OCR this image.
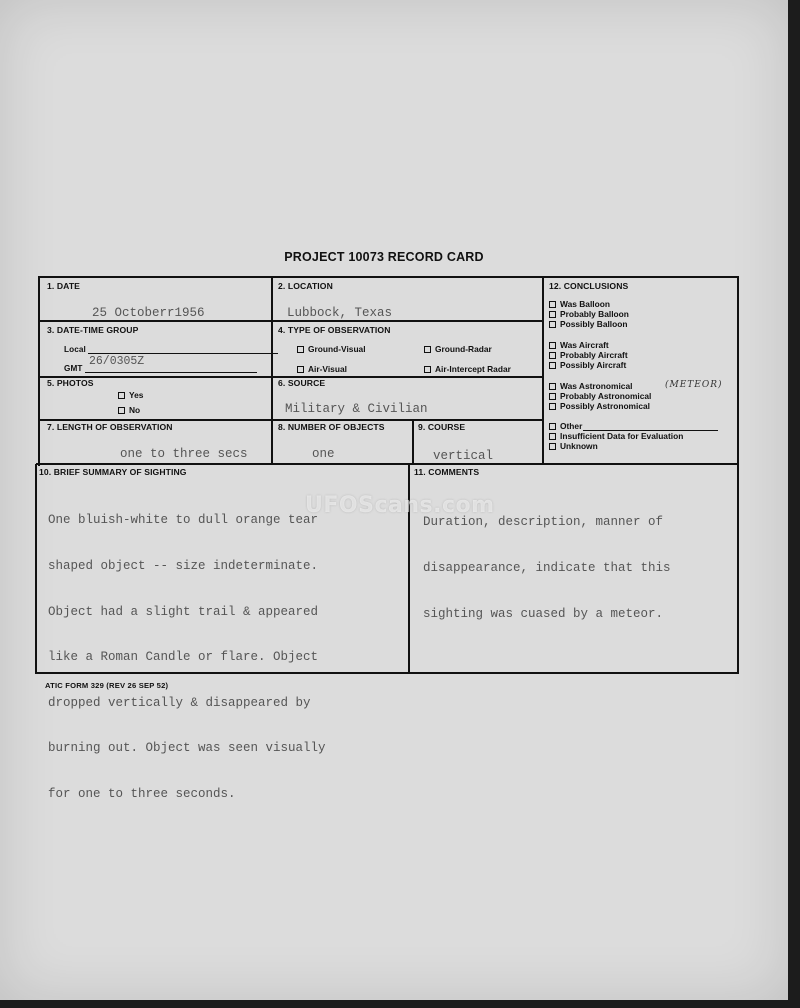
PROJECT 10073 RECORD CARD
1. DATE
25 Octoberr1956
2. LOCATION
Lubbock, Texas
3. DATE-TIME GROUP
Local
GMT
26/0305Z
4. TYPE OF OBSERVATION
Ground-Visual	Ground-Radar
Air-Visual	Air-Intercept Radar
5. PHOTOS
Yes
No
6. SOURCE
Military & Civilian
7. LENGTH OF OBSERVATION
one to three secs
8. NUMBER OF OBJECTS
one
9. COURSE
vertical
12. CONCLUSIONS
Was Balloon
Probably Balloon
Possibly Balloon
Was Aircraft
Probably Aircraft
Possibly Aircraft
Was Astronomical
Probably Astronomical
Possibly Astronomical
(METEOR)
Other
Insufficient Data for Evaluation
Unknown
10. BRIEF SUMMARY OF SIGHTING

One bluish-white to dull orange tear

shaped object -- size indeterminate.

Object had a slight trail & appeared

like a Roman Candle or flare. Object

dropped vertically & disappeared by

burning out. Object was seen visually

for one to three seconds.

11. COMMENTS

Duration, description, manner of

disappearance, indicate that this

sighting was cuased by a meteor.

UFOScans.com
ATIC FORM 329 (REV 26 SEP 52)
